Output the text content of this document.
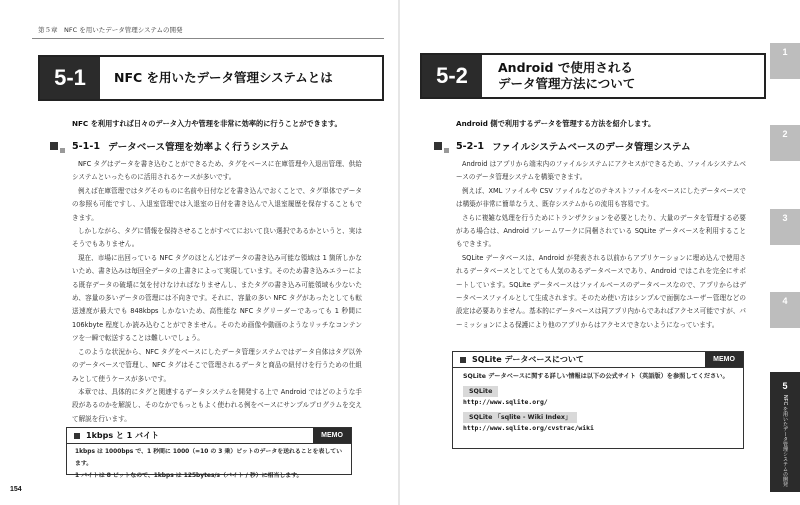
第５章　NFC を用いたデータ管理システムの開発
5-1	NFC を用いたデータ管理システムとは
NFC を利用すれば日々のデータ入力や管理を非常に効率的に行うことができます。
5-1-1 データベース管理を効率よく行うシステム

NFC タグはデータを書き込むことができるため、タグをベースに在庫管理や入退出管理、供給システムといったものに活用されるケースが多いです。

例えば在庫管理ではタグそのものに名前や日付などを書き込んでおくことで、タグ単体でデータの参照も可能ですし、入退室管理では入退室の日付を書き込んで入退室履歴を保存することもできます。

しかしながら、タグに情報を保持させることがすべてにおいて良い選択であるかというと、実はそうでもありません。

現在、市場に出回っている NFC タグのほとんどはデータの書き込み可能な領域は 1 箇所しかないため、書き込みは毎回全データの上書きによって実現しています。そのため書き込みエラーによる既存データの破壊に気を付けなければなりませんし、またタグの書き込み可能領域も少ないため、容量の多いデータの管理には不向きです。それに、容量の多い NFC タグがあったとしても転送速度が最大でも 848kbps しかないため、高性能な NFC タグリーダーであっても 1 秒間に 106kbyte 程度しか読み込むことができません。そのため画像や動画のようなリッチなコンテンツを一瞬で転送することは難しいでしょう。

このような状況から、NFC タグをベースにしたデータ管理システムではデータ自体はタグ以外のデータベースで管理し、NFC タグはそこで管理されるデータと商品の紐付けを行うための仕組みとして使うケースが多いです。

本章では、具体的にタグと関連するデータシステムを開発する上で Android ではどのような手段があるのかを解説し、そのなかでもっともよく使われる例をベースにサンプルプログラムを交えて解説を行います。

1kbps と 1 バイト	MEMO
1kbps は 1000bps で、1 秒間に 1000（=10 の 3 乗）ビットのデータを送れることを表しています。
1 バイトは 8 ビットなので、1kbps は 125bytes/s（バイト / 秒）に相当します。
154
5-2	Android で使用される
データ管理方法について
Android 側で利用するデータを管理する方法を紹介します。
5-2-1 ファイルシステムベースのデータ管理システム

Android はアプリから端末内のファイルシステムにアクセスができるため、ファイルシステムベースのデータ管理システムを構築できます。

例えば、XML ファイルや CSV ファイルなどのテキストファイルをベースにしたデータベースでは構築が非常に簡単なうえ、既存システムからの流用も容易です。

さらに複雑な処理を行うためにトランザクションを必要としたり、大量のデータを管理する必要がある場合は、Android フレームワークに同梱されている SQLite データベースを利用することもできます。

SQLite データベースは、Android が発表される以前からアプリケーションに埋め込んで使用されるデータベースとしてとても人気のあるデータベースであり、Android ではこれを完全にサポートしています。SQLite データベースはファイルベースのデータベースなので、アプリからはデータベースファイルとして生成されます。そのため使い方はシンプルで面倒なユーザー管理などの設定は必要ありません。基本的にデータベースは同アプリ内からであればアクセス可能ですが、パーミッションによる保護により他のアプリからはアクセスできないようになっています。

SQLite データベースについて	MEMO
SQLite データベースに関する詳しい情報は以下の公式サイト（英語版）を参照してください。
SQLite
http://www.sqlite.org/
SQLite 「sqlite - Wiki Index」
http://www.sqlite.org/cvstrac/wiki
1
2
3
4
5
NFC を用いたデータ管理システムの開発
